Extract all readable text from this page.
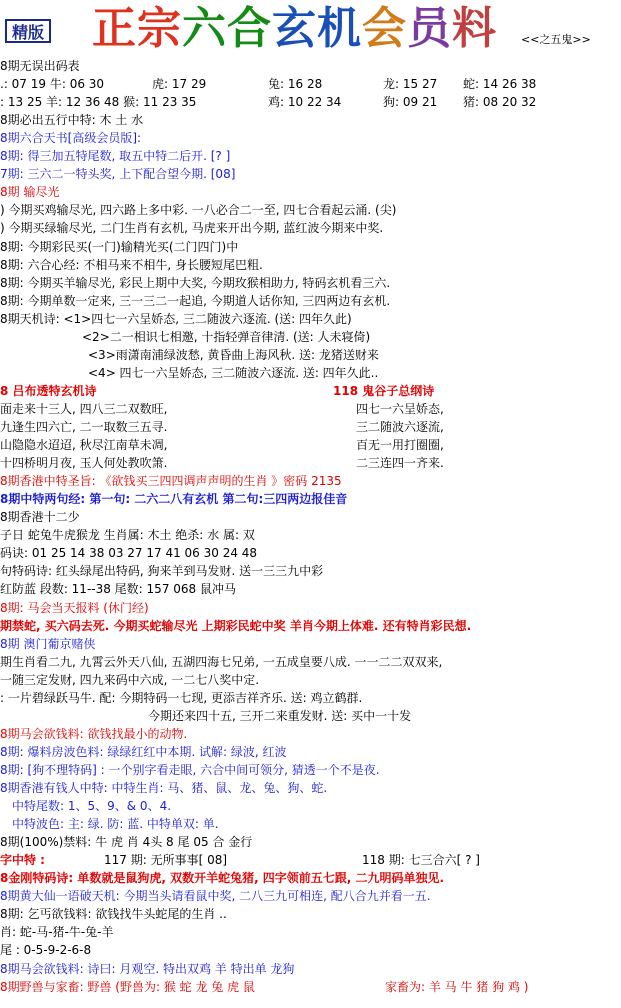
精版 正宗六合玄机会员料 <<之五鬼>>
8期无误出码表
.: 07 19 牛: 06 30	虎: 17 29	兔: 16 28	龙: 15 27 蛇: 14 26 38
: 13 25 羊: 12 36 48 猴: 11 23 35	鸡: 10 22 34	狗: 09 21 猪: 08 20 32
8期必出五行中特: 木 土 水
8期六合天书[高级会员版]:
8期: 得三加五特尾数, 取五中特二后开. [? ]
7期: 三六二一特头奖, 上下配合望今期. [08]
8期 输尽光
) 今期买鸡输尽光, 四六路上多中彩. 一八必合二一至, 四七合看起云涌. (尖)
) 今期买绿输尽光, 二门生肖有玄机, 马虎来开出今期, 蓝红波今期来中奖.
8期: 今期彩民买(一门)输精光买(二门四门)中
8期: 六合心经: 不相马来不相牛, 身长腰短尾巴粗.
8期: 今期买羊输尽光, 彩民上期中大奖, 今期玫猴相助力, 特码玄机看三六.
8期: 今期单数一定来, 三一三二一起追, 今期道人话你知, 三四两边有玄机.
8期天机诗: <1>四七一六呈娇态, 三二随波六逐流. (送: 四年久此)
<2>二一相识七相邀, 十指轻弹音律清. (送: 人未寝倚)
<3>雨潇南浦绿波愁, 黄昏曲上海风秋. 送: 龙猪送财来
<4> 四七一六呈娇态, 三二随波六逐流. 送: 四年久此..
8 吕布透特玄机诗	118 鬼谷子总纲诗
面走来十三人, 四八三二双数旺,	四七一六呈娇态,
九逢生四六亡, 二一取数三五寻.	三二随波六逐流,
山隐隐水迢迢, 秋尽江南草未凋,	百无一用打圈圈,
十四桥明月夜, 玉人何处教吹箫.	二三连四一齐来.
8期香港中特圣旨: 《欲钱买三四四调声声明的生肖 》密码 2135
8期中特两句经: 第一句: 二六二八有玄机 第二句:三四两边报佳音
8期香港十二少
子日 蛇兔牛虎猴龙 生肖属: 木土 绝杀: 水 属: 双
码诀: 01 25 14 38 03 27 17 41 06 30 24 48
句特码诗: 红头绿尾出特码, 狗来羊到马发财. 送一三三九中彩
红防蓝 段数: 11--38 尾数: 157 068 鼠冲马
8期: 马会当天报料 (休门经)
期禁蛇, 买六码去死. 今期买蛇输尽光 上期彩民蛇中奖 羊肖今期上体难. 还有特肖彩民想.
8期 澳门葡京赌侠
期生肖看二九, 九霄云外天八仙, 五湖四海七兄弟, 一五成皇要八成. 一一二二双双来,
一随三定发财, 四九来码中六成, 一二七八奖中定.
: 一片碧绿跃马牛. 配: 今期特码一七现, 更添吉祥齐乐. 送: 鸡立鹤群.
今期还来四十五, 三开二来重发财. 送: 买中一十发
8期马会欲钱料: 欲钱找最小的动物.
8期: 爆料房波色料: 绿绿红红中本期. 试解: 绿波, 红波
8期: [狗不理特码] : 一个别字看走眼, 六合中间可领分, 猜透一个不是夜.
8期香港有钱人中特: 中特生肖: 马、猪、鼠、龙、兔、狗、蛇.
中特尾数: 1、5、9、& 0、4.
中特波色: 主: 绿. 防: 蓝. 中特单双: 单.
8期(100%)禁料: 牛 虎 肖 4头 8 尾 05 合 金行
字中特 :	117 期: 无所事事[ 08]	118 期: 七三合六[ ? ]
8金刚特码诗: 单数就是鼠狗虎, 双数开羊蛇兔猪, 四字领前五七跟, 二九明码单独见.
8期黄大仙一语破天机: 今期当头请看鼠中奖, 二八三九可相连, 配八合九并看一五.
8期: 乞丐欲钱料: 欲钱找牛头蛇尾的生肖 ..
肖: 蛇-马-猪-牛-兔-羊
尾 : 0-5-9-2-6-8
8期马会欲钱料: 诗曰: 月观空. 特出双鸡 羊 特出单 龙狗
8期野兽与家畜: 野兽 (野兽为: 猴 蛇 龙 兔 虎 鼠	家畜为: 羊 马 牛 猪 狗 鸡 )
